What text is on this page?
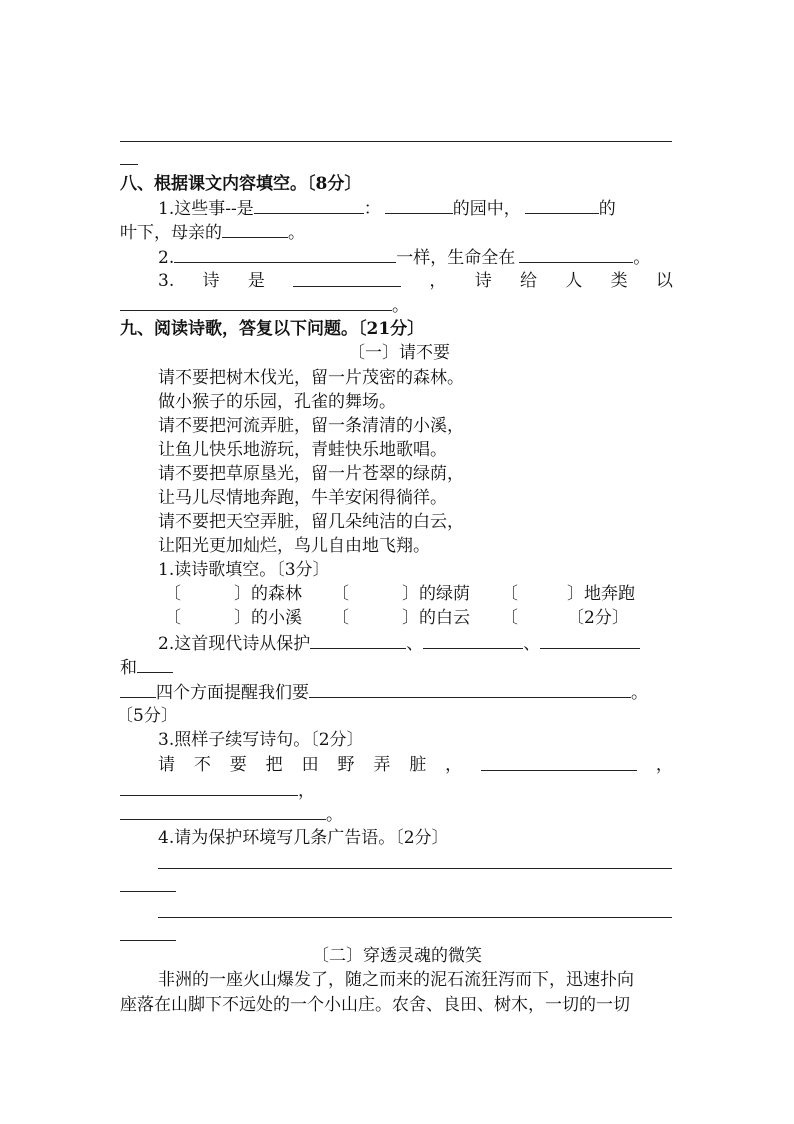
八、根据课文内容填空。〔8分〕
1.这些事--是	：	的园中，	的
叶下，母亲的	。
2.	一样，生命全在	。
3. 诗 是	， 诗 给 人 类 以
。
九、阅读诗歌，答复以下问题。〔21分〕
〔一〕请不要
请不要把树木伐光，留一片茂密的森林。
做小猴子的乐园，孔雀的舞场。
请不要把河流弄脏，留一条清清的小溪，
让鱼儿快乐地游玩，青蛙快乐地歌唱。
请不要把草原垦光，留一片苍翠的绿荫，
让马儿尽情地奔跑，牛羊安闲得徜徉。
请不要把天空弄脏，留几朵纯洁的白云，
让阳光更加灿烂，鸟儿自由地飞翔。
1.读诗歌填空。〔3分〕
〔	〕的森林 〔	〕的绿荫 〔	〕地奔跑
〔	〕的小溪 〔	〕的白云 〔	〔2分〕
2.这首现代诗从保护	、	、
和
四个方面提醒我们要	。
〔5分〕
3.照样子续写诗句。〔2分〕
请 不 要 把 田 野 弄 脏 ，	，
，
。
4.请为保护环境写几条广告语。〔2分〕
〔二〕穿透灵魂的微笑
非洲的一座火山爆发了，随之而来的泥石流狂泻而下，迅速扑向
座落在山脚下不远处的一个小山庄。农舍、良田、树木，一切的一切
